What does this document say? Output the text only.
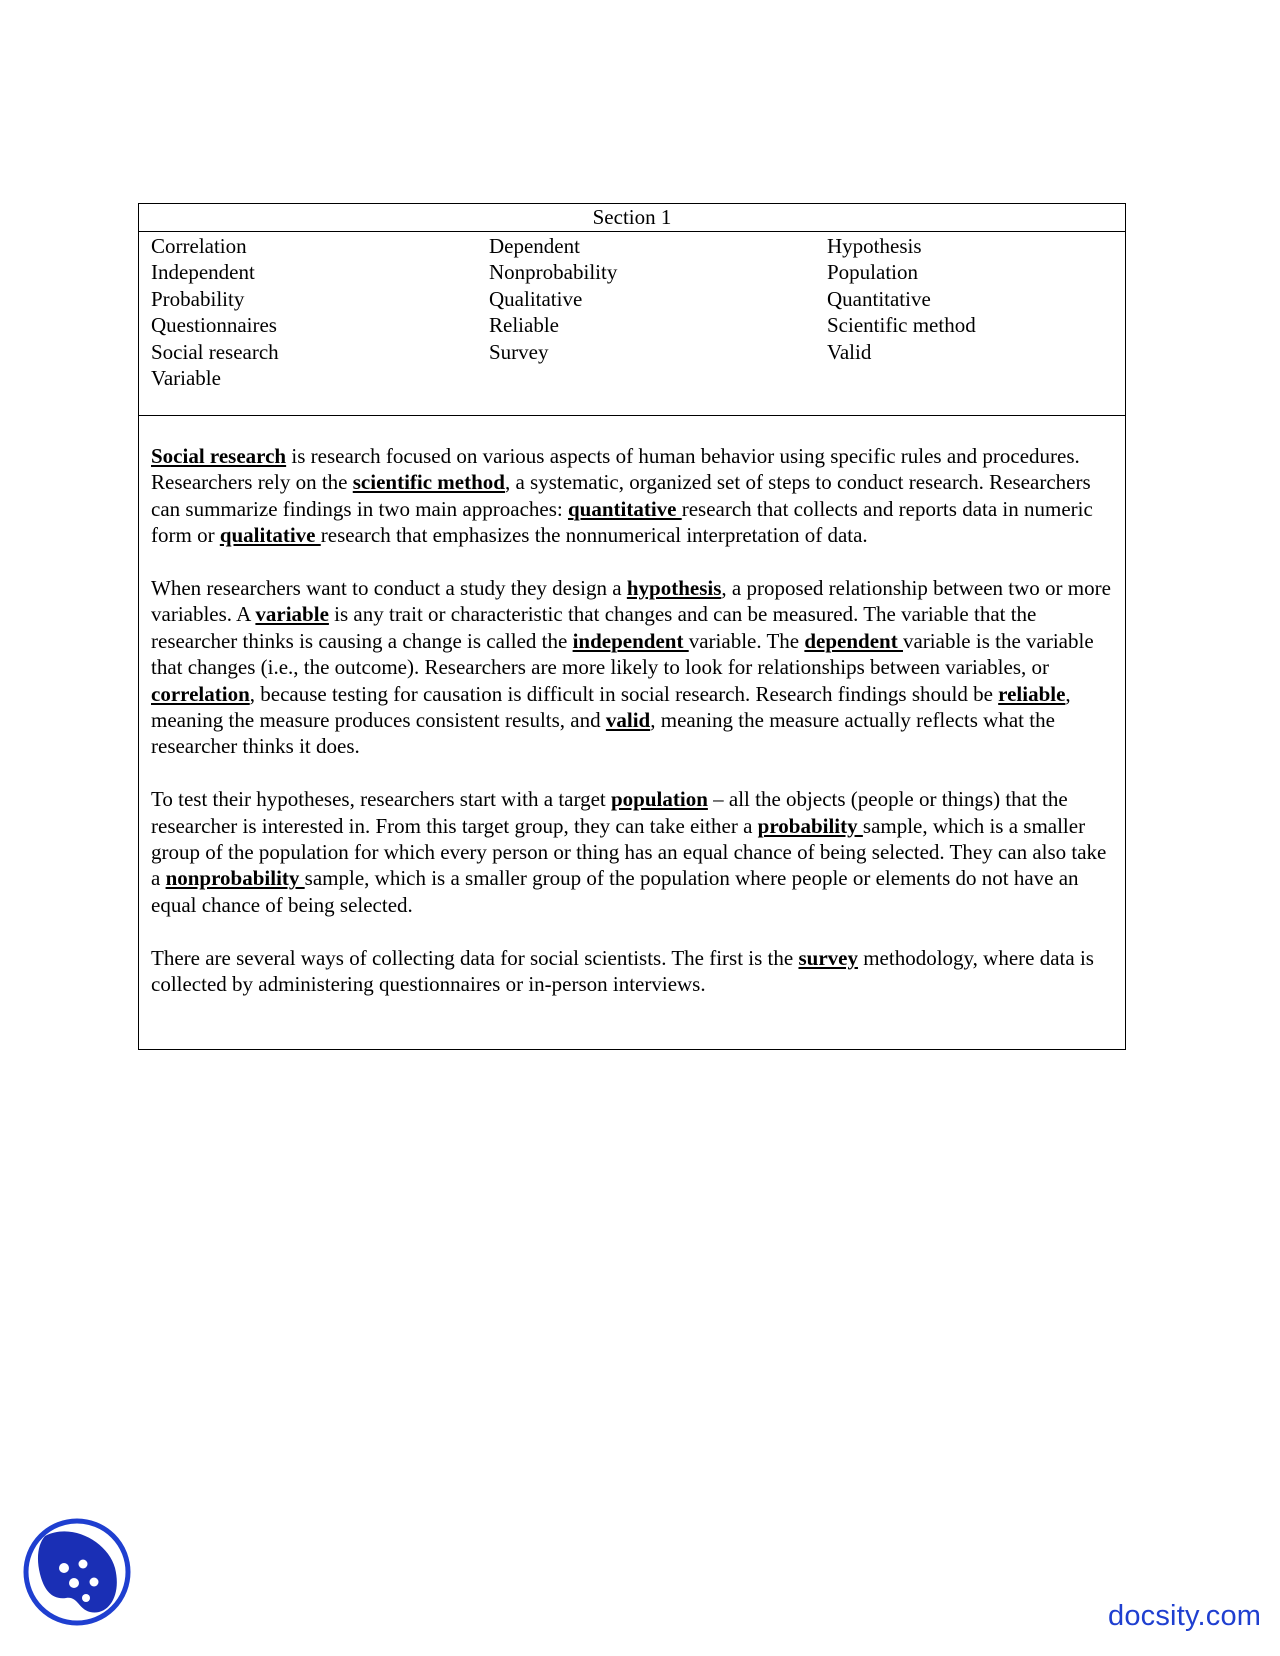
Section 1
Correlation
Independent
Probability
Questionnaires
Social research
Variable
Dependent
Nonprobability
Qualitative
Reliable
Survey
Hypothesis
Population
Quantitative
Scientific method
Valid

Social research is research focused on various aspects of human behavior using specific rules and procedures. Researchers rely on the scientific method, a systematic, organized set of steps to conduct research. Researchers can summarize findings in two main approaches: quantitative research that collects and reports data in numeric form or qualitative research that emphasizes the nonnumerical interpretation of data.

When researchers want to conduct a study they design a hypothesis, a proposed relationship between two or more variables. A variable is any trait or characteristic that changes and can be measured. The variable that the researcher thinks is causing a change is called the independent variable. The dependent variable is the variable that changes (i.e., the outcome). Researchers are more likely to look for relationships between variables, or correlation, because testing for causation is difficult in social research. Research findings should be reliable, meaning the measure produces consistent results, and valid, meaning the measure actually reflects what the researcher thinks it does.

To test their hypotheses, researchers start with a target population – all the objects (people or things) that the researcher is interested in. From this target group, they can take either a probability sample, which is a smaller group of the population for which every person or thing has an equal chance of being selected. They can also take a nonprobability sample, which is a smaller group of the population where people or elements do not have an equal chance of being selected.

There are several ways of collecting data for social scientists. The first is the survey methodology, where data is collected by administering questionnaires or in-person interviews.

docsity.com
